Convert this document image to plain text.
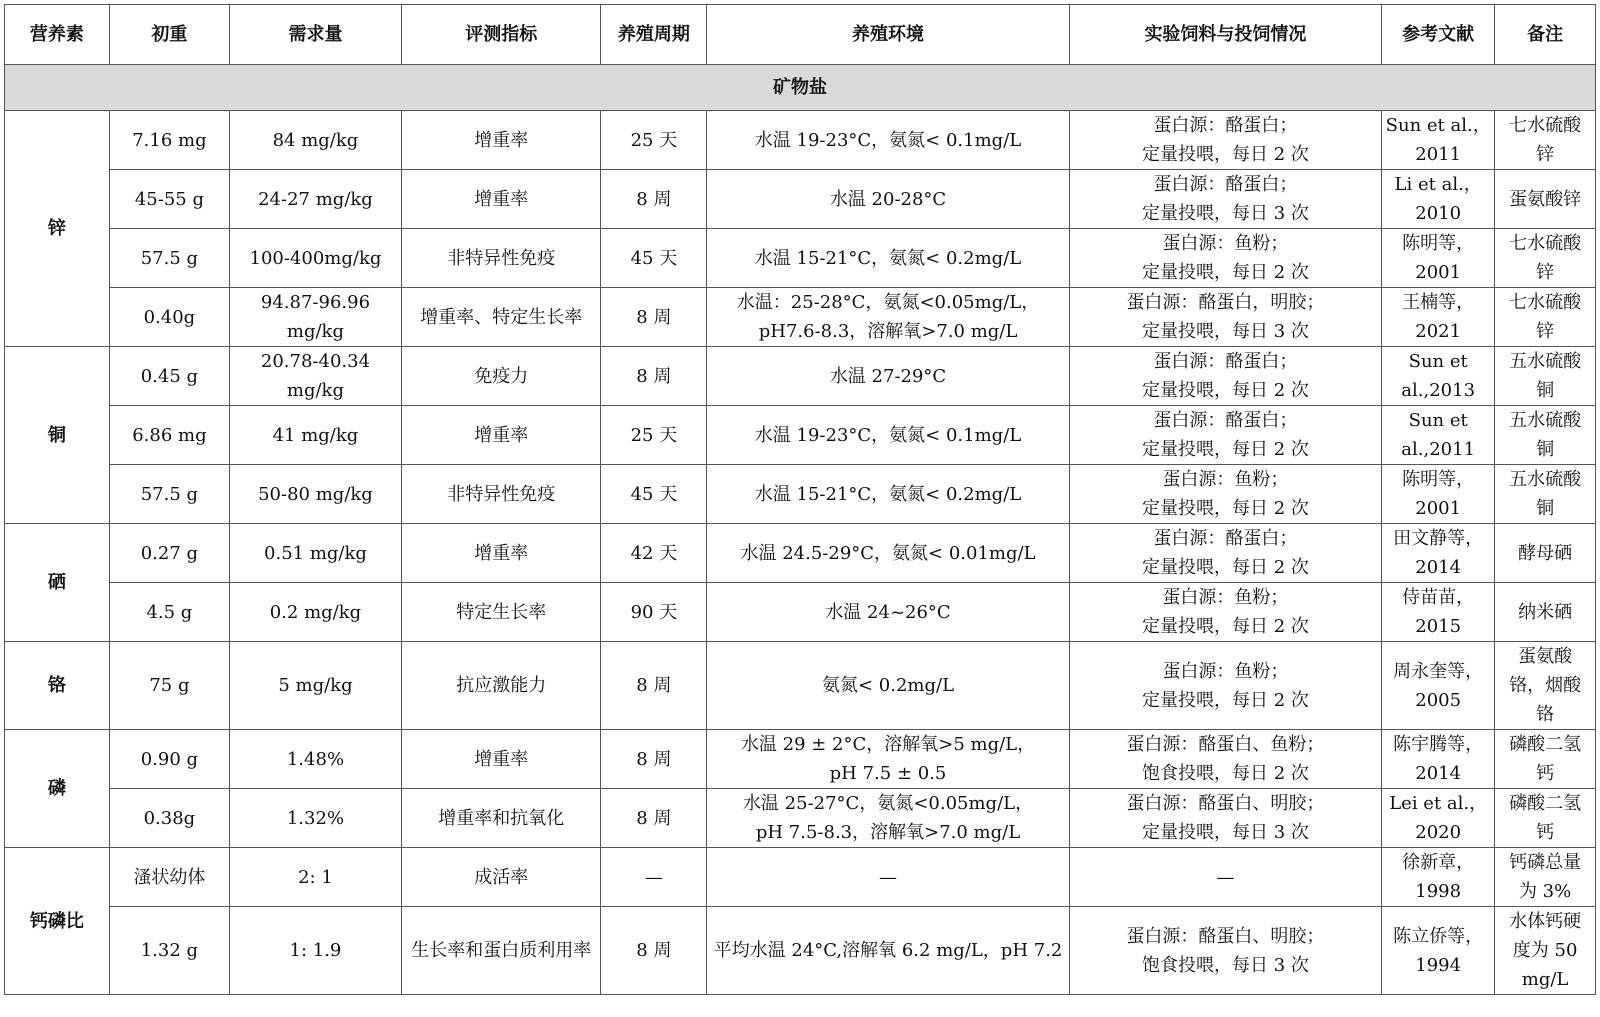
营养素	初重	需求量	评测指标	养殖周期	养殖环境	实验饲料与投饲情况	参考文献	备注
矿物盐								
锌	7.16 mg	84 mg/kg	增重率	25 天	水温 19-23°C，氨氮< 0.1mg/L	蛋白源：酪蛋白；
定量投喂，每日 2 次	Sun et al.，
2011	七水硫酸
锌

	45-55 g	24-27 mg/kg	增重率	8 周	水温 20-28°C	蛋白源：酪蛋白；
定量投喂，每日 3 次	Li et al.，
2010	蛋氨酸锌

	57.5 g	100-400mg/kg	非特异性免疫	45 天	水温 15-21°C，氨氮< 0.2mg/L	蛋白源：鱼粉；
定量投喂，每日 2 次	陈明等，
2001	七水硫酸
锌

	0.40g	94.87-96.96 mg/kg	增重率、特定生长率	8 周	水温：25-28°C，氨氮<0.05mg/L，
pH7.6-8.3，溶解氧>7.0 mg/L	蛋白源：酪蛋白，明胶；
定量投喂，每日 3 次	王楠等，
2021	七水硫酸
锌

铜	0.45 g	20.78-40.34 mg/kg	免疫力	8 周	水温 27-29°C	蛋白源：酪蛋白；
定量投喂，每日 2 次	Sun et
al.,2013	五水硫酸
铜

	6.86 mg	41 mg/kg	增重率	25 天	水温 19-23°C，氨氮< 0.1mg/L	蛋白源：酪蛋白；
定量投喂，每日 2 次	Sun et
al.,2011	五水硫酸
铜

	57.5 g	50-80 mg/kg	非特异性免疫	45 天	水温 15-21°C，氨氮< 0.2mg/L	蛋白源：鱼粉；
定量投喂，每日 2 次	陈明等，
2001	五水硫酸
铜

硒	0.27 g	0.51 mg/kg	增重率	42 天	水温 24.5-29°C，氨氮< 0.01mg/L	蛋白源：酪蛋白；
定量投喂，每日 2 次	田文静等，
2014	酵母硒

	4.5 g	0.2 mg/kg	特定生长率	90 天	水温 24~26°C	蛋白源：鱼粉；
定量投喂，每日 2 次	侍苗苗，
2015	纳米硒

铬	75 g	5 mg/kg	抗应激能力	8 周	氨氮< 0.2mg/L	蛋白源：鱼粉；
定量投喂，每日 2 次	周永奎等，
2005	蛋氨酸
铬，烟酸
铬

磷	0.90 g	1.48%	增重率	8 周	水温 29 ± 2°C，溶解氧>5 mg/L，
pH 7.5 ± 0.5	蛋白源：酪蛋白、鱼粉；
饱食投喂，每日 2 次	陈宇腾等，
2014	磷酸二氢
钙

	0.38g	1.32%	增重率和抗氧化	8 周	水温 25-27°C，氨氮<0.05mg/L，
pH 7.5-8.3，溶解氧>7.0 mg/L	蛋白源：酪蛋白、明胶；
定量投喂，每日 3 次	Lei et al.，
2020	磷酸二氢
钙

钙磷比	溞状幼体	2: 1	成活率	—	—	—	徐新章，
1998	钙磷总量
为 3%

	1.32 g	1: 1.9	生长率和蛋白质利用率	8 周	平均水温 24°C,溶解氧 6.2 mg/L，pH 7.2	蛋白源：酪蛋白、明胶；
饱食投喂，每日 3 次	陈立侨等，
1994	水体钙硬
度为 50
mg/L
